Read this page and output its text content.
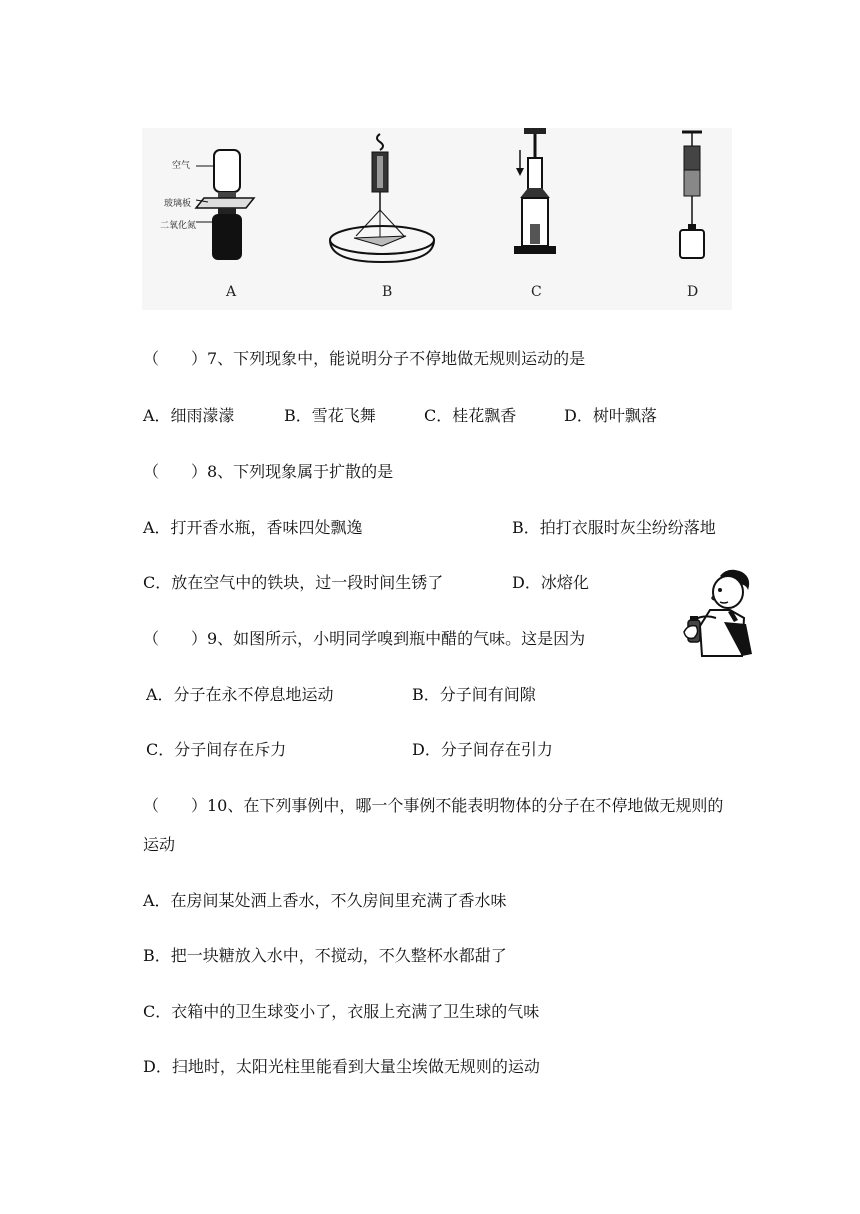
空气
玻璃板
二氧化氮
A	B	C	D
（　　）7、下列现象中，能说明分子不停地做无规则运动的是
A．细雨濛濛	B．雪花飞舞	C．桂花飘香	D．树叶飘落
（　　）8、下列现象属于扩散的是
A．打开香水瓶，香味四处飘逸	B．拍打衣服时灰尘纷纷落地
C．放在空气中的铁块，过一段时间生锈了	D．冰熔化
（　　）9、如图所示，小明同学嗅到瓶中醋的气味。这是因为
A．分子在永不停息地运动	B．分子间有间隙
C．分子间存在斥力	D．分子间存在引力
（　　）10、在下列事例中，哪一个事例不能表明物体的分子在不停地做无规则的
运动
A．在房间某处洒上香水，不久房间里充满了香水味
B．把一块糖放入水中，不搅动，不久整杯水都甜了
C．衣箱中的卫生球变小了，衣服上充满了卫生球的气味
D．扫地时，太阳光柱里能看到大量尘埃做无规则的运动
